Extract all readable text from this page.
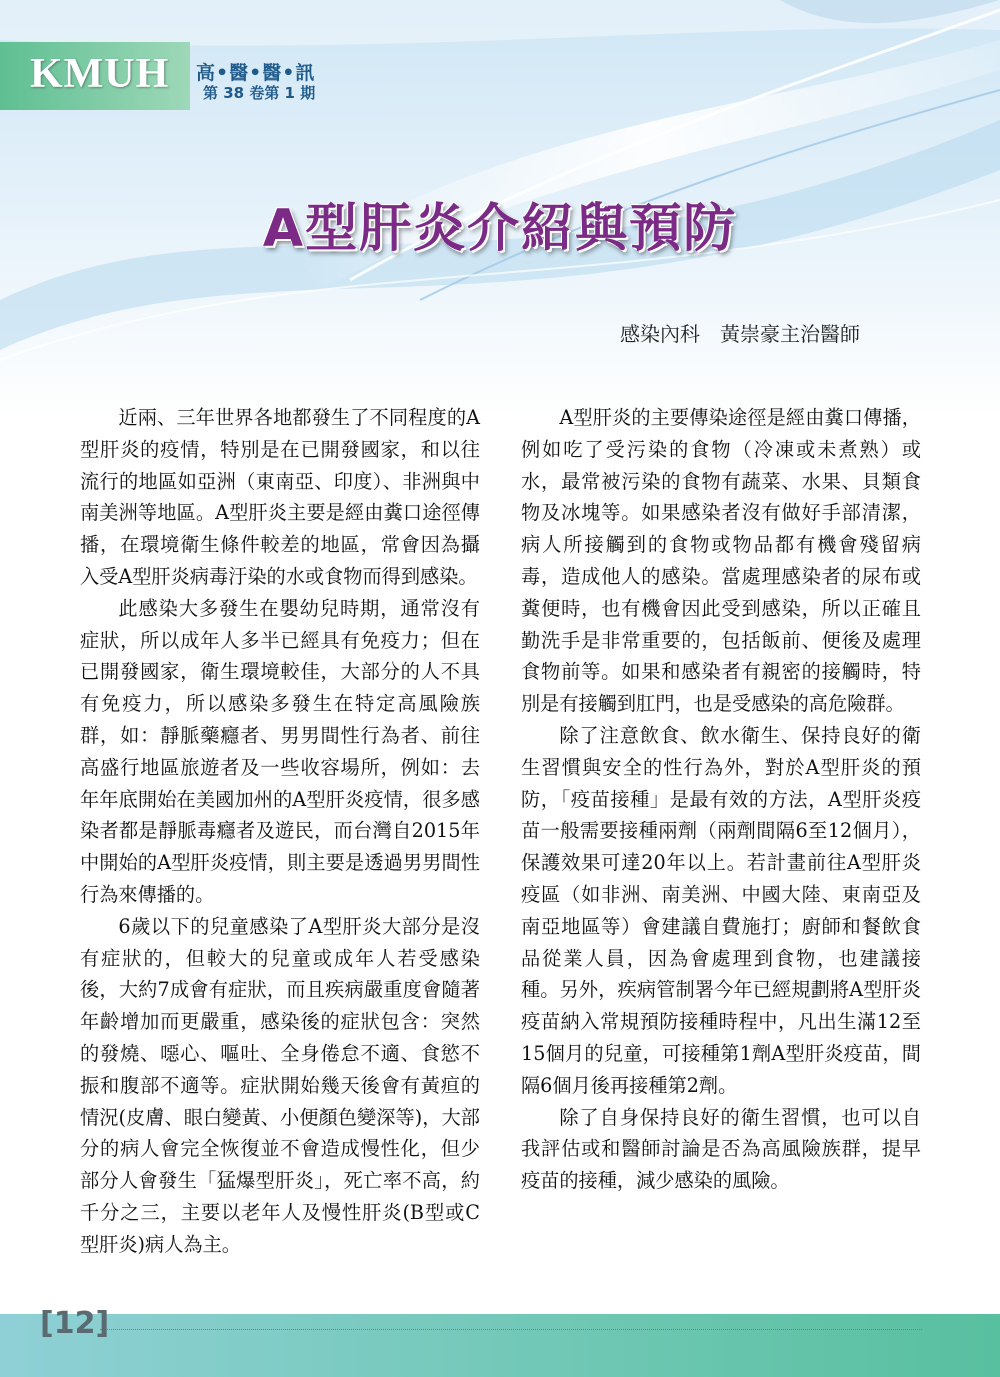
KMUH 高•醫•醫•訊
第 38 卷第 1 期
A型肝炎介紹與預防
感染內科　黃崇豪主治醫師

近兩、三年世界各地都發生了不同程度的A型肝炎的疫情，特別是在已開發國家，和以往流行的地區如亞洲（東南亞、印度）、非洲與中南美洲等地區。A型肝炎主要是經由糞口途徑傳播，在環境衛生條件較差的地區，常會因為攝入受A型肝炎病毒汙染的水或食物而得到感染。

此感染大多發生在嬰幼兒時期，通常沒有症狀，所以成年人多半已經具有免疫力；但在已開發國家，衛生環境較佳，大部分的人不具有免疫力，所以感染多發生在特定高風險族群，如：靜脈藥癮者、男男間性行為者、前往高盛行地區旅遊者及一些收容場所，例如：去年年底開始在美國加州的A型肝炎疫情，很多感染者都是靜脈毒癮者及遊民，而台灣自2015年中開始的A型肝炎疫情，則主要是透過男男間性行為來傳播的。

6歲以下的兒童感染了A型肝炎大部分是沒有症狀的，但較大的兒童或成年人若受感染後，大約7成會有症狀，而且疾病嚴重度會隨著年齡增加而更嚴重，感染後的症狀包含：突然的發燒、噁心、嘔吐、全身倦怠不適、食慾不振和腹部不適等。症狀開始幾天後會有黃疸的情況(皮膚、眼白變黃、小便顏色變深等)，大部分的病人會完全恢復並不會造成慢性化，但少部分人會發生「猛爆型肝炎」，死亡率不高，約千分之三，主要以老年人及慢性肝炎(B型或C型肝炎)病人為主。

A型肝炎的主要傳染途徑是經由糞口傳播，例如吃了受污染的食物（冷凍或未煮熟）或水，最常被污染的食物有蔬菜、水果、貝類食物及冰塊等。如果感染者沒有做好手部清潔，病人所接觸到的食物或物品都有機會殘留病毒，造成他人的感染。當處理感染者的尿布或糞便時，也有機會因此受到感染，所以正確且勤洗手是非常重要的，包括飯前、便後及處理食物前等。如果和感染者有親密的接觸時，特別是有接觸到肛門，也是受感染的高危險群。

除了注意飲食、飲水衛生、保持良好的衛生習慣與安全的性行為外，對於A型肝炎的預防，「疫苗接種」是最有效的方法，A型肝炎疫苗一般需要接種兩劑（兩劑間隔6至12個月），保護效果可達20年以上。若計畫前往A型肝炎疫區（如非洲、南美洲、中國大陸、東南亞及南亞地區等）會建議自費施打；廚師和餐飲食品從業人員，因為會處理到食物，也建議接種。另外，疾病管制署今年已經規劃將A型肝炎疫苗納入常規預防接種時程中，凡出生滿12至15個月的兒童，可接種第1劑A型肝炎疫苗，間隔6個月後再接種第2劑。

除了自身保持良好的衛生習慣，也可以自我評估或和醫師討論是否為高風險族群，提早疫苗的接種，減少感染的風險。

[12]
